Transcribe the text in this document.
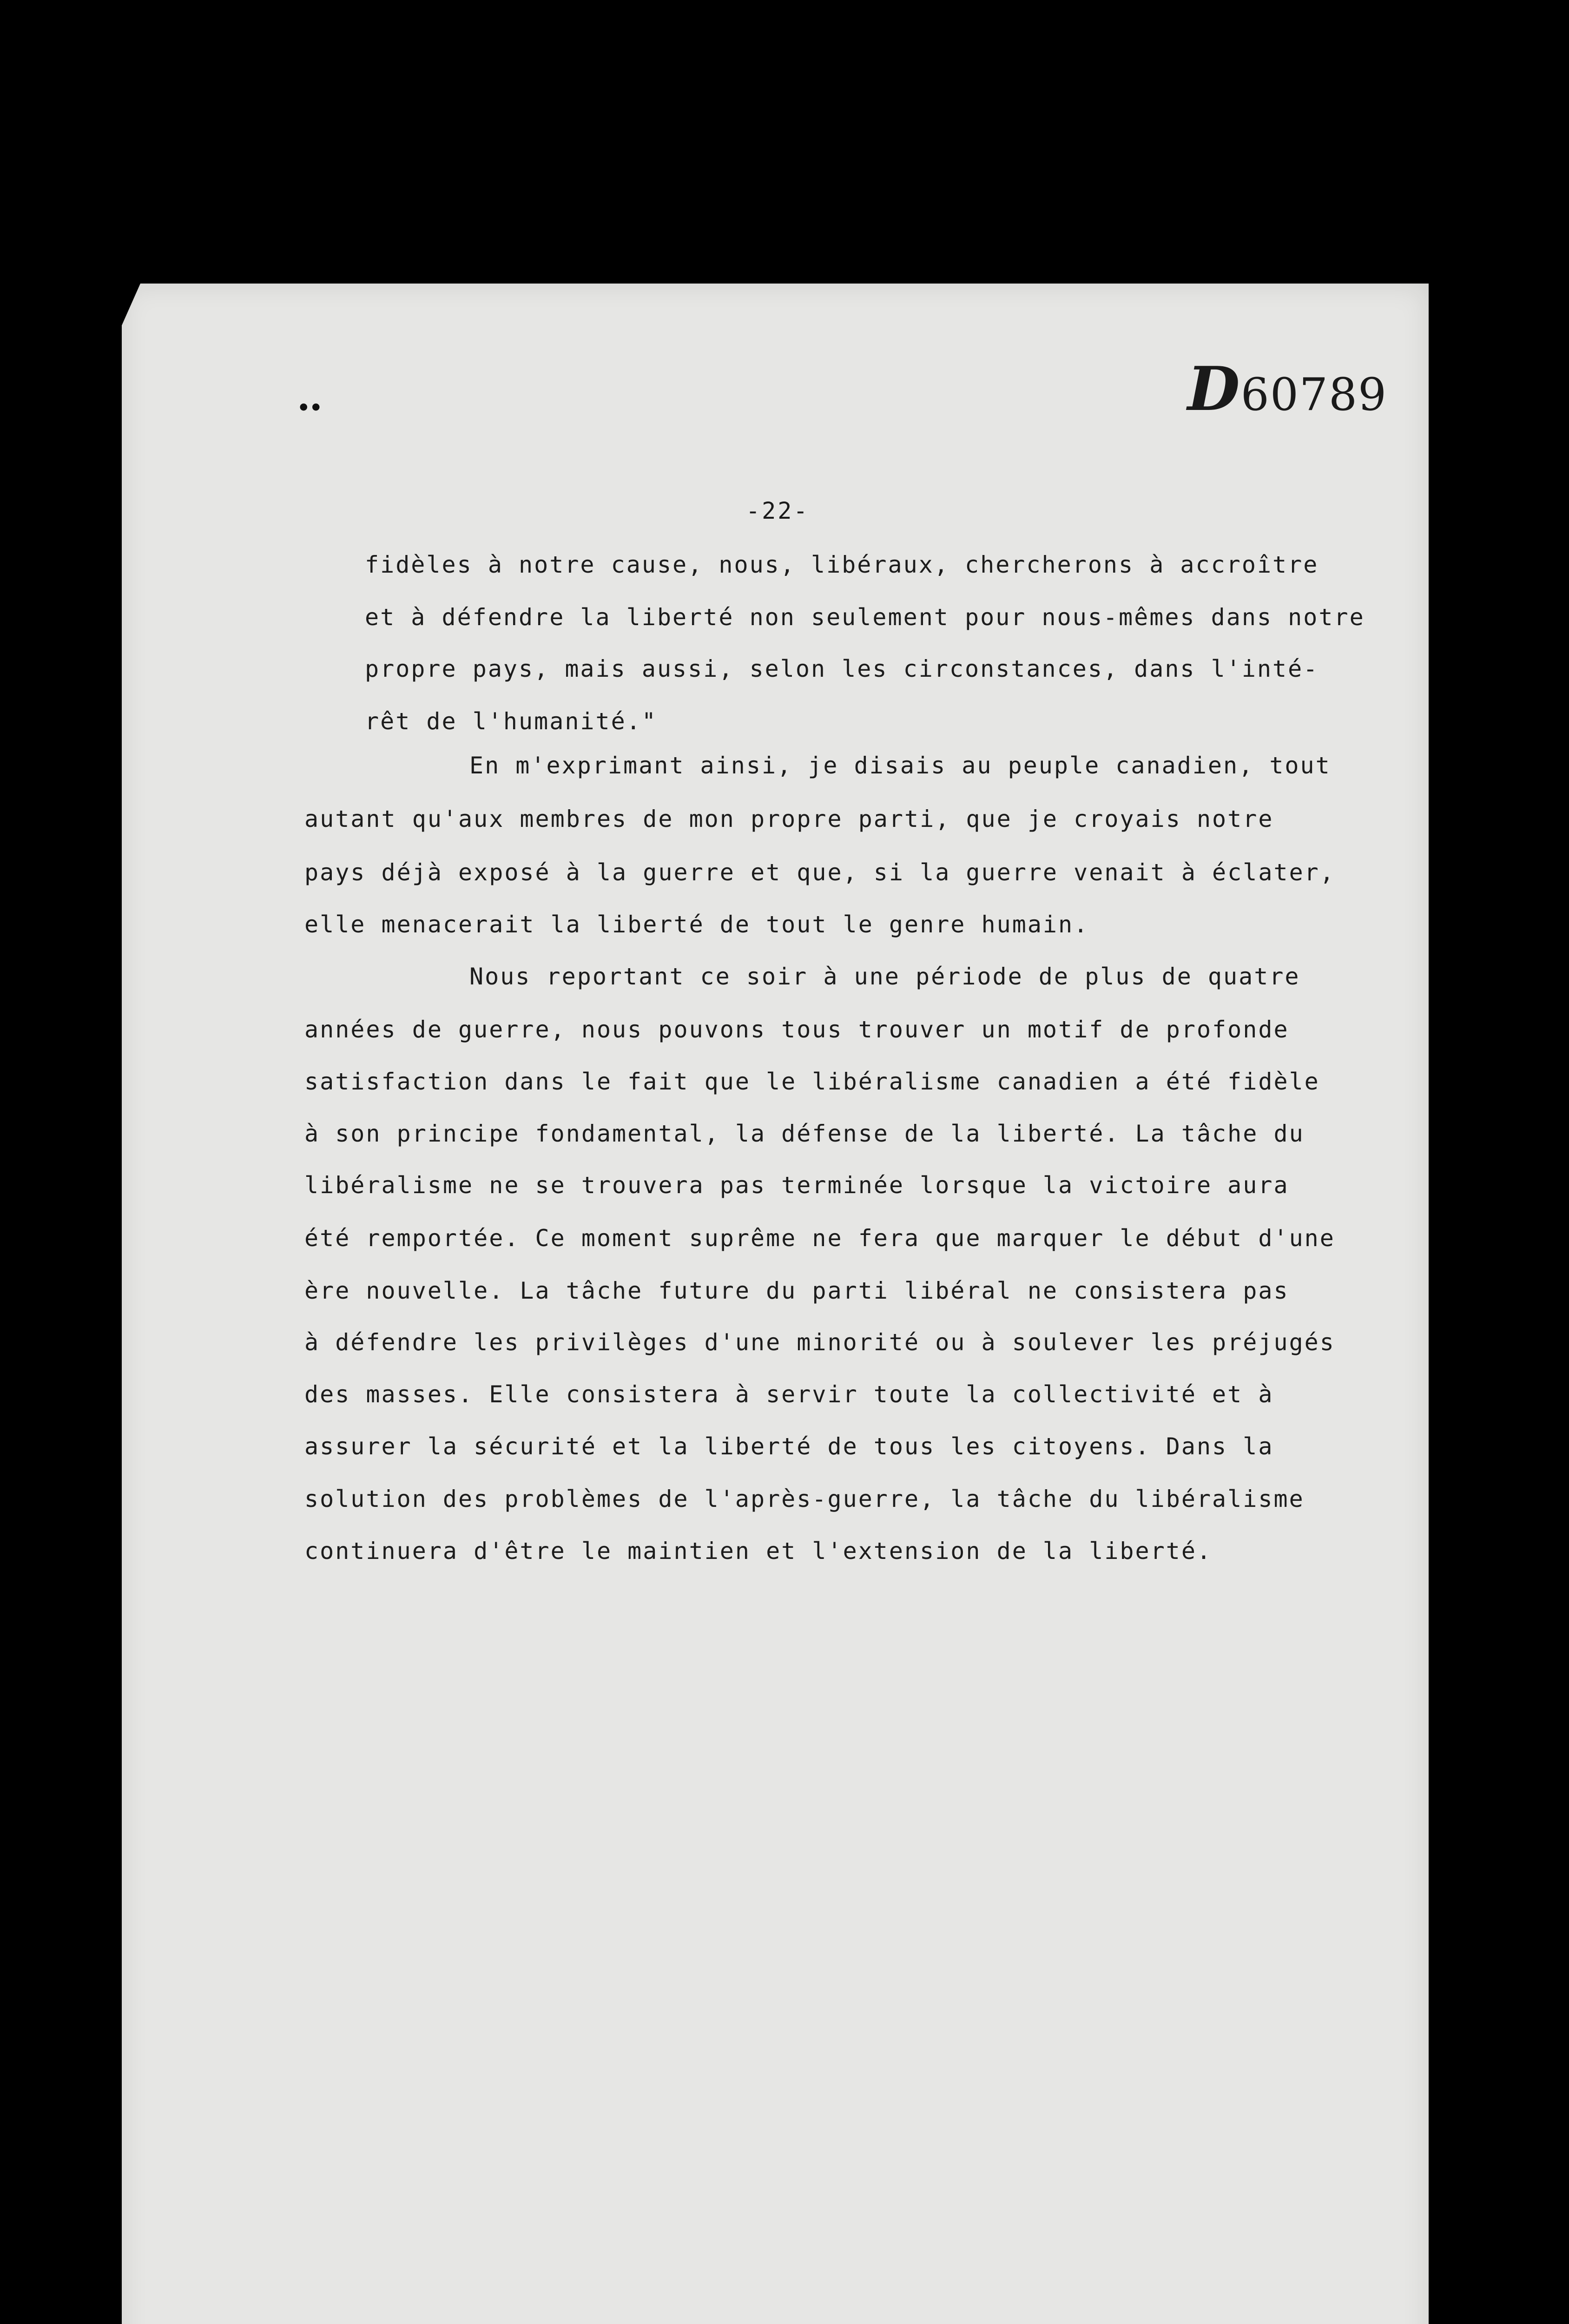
D60789
••
-22-
fidèles à notre cause, nous, libéraux, chercherons à accroître
et à défendre la liberté non seulement pour nous-mêmes dans notre
propre pays, mais aussi, selon les circonstances, dans l'inté-
rêt de l'humanité."
En m'exprimant ainsi, je disais au peuple canadien, tout
autant qu'aux membres de mon propre parti, que je croyais notre
pays déjà exposé à la guerre et que, si la guerre venait à éclater,
elle menacerait la liberté de tout le genre humain.
Nous reportant ce soir à une période de plus de quatre
années de guerre, nous pouvons tous trouver un motif de profonde
satisfaction dans le fait que le libéralisme canadien a été fidèle
à son principe fondamental, la défense de la liberté. La tâche du
libéralisme ne se trouvera pas terminée lorsque la victoire aura
été remportée. Ce moment suprême ne fera que marquer le début d'une
ère nouvelle. La tâche future du parti libéral ne consistera pas
à défendre les privilèges d'une minorité ou à soulever les préjugés
des masses. Elle consistera à servir toute la collectivité et à
assurer la sécurité et la liberté de tous les citoyens. Dans la
solution des problèmes de l'après-guerre, la tâche du libéralisme
continuera d'être le maintien et l'extension de la liberté.
